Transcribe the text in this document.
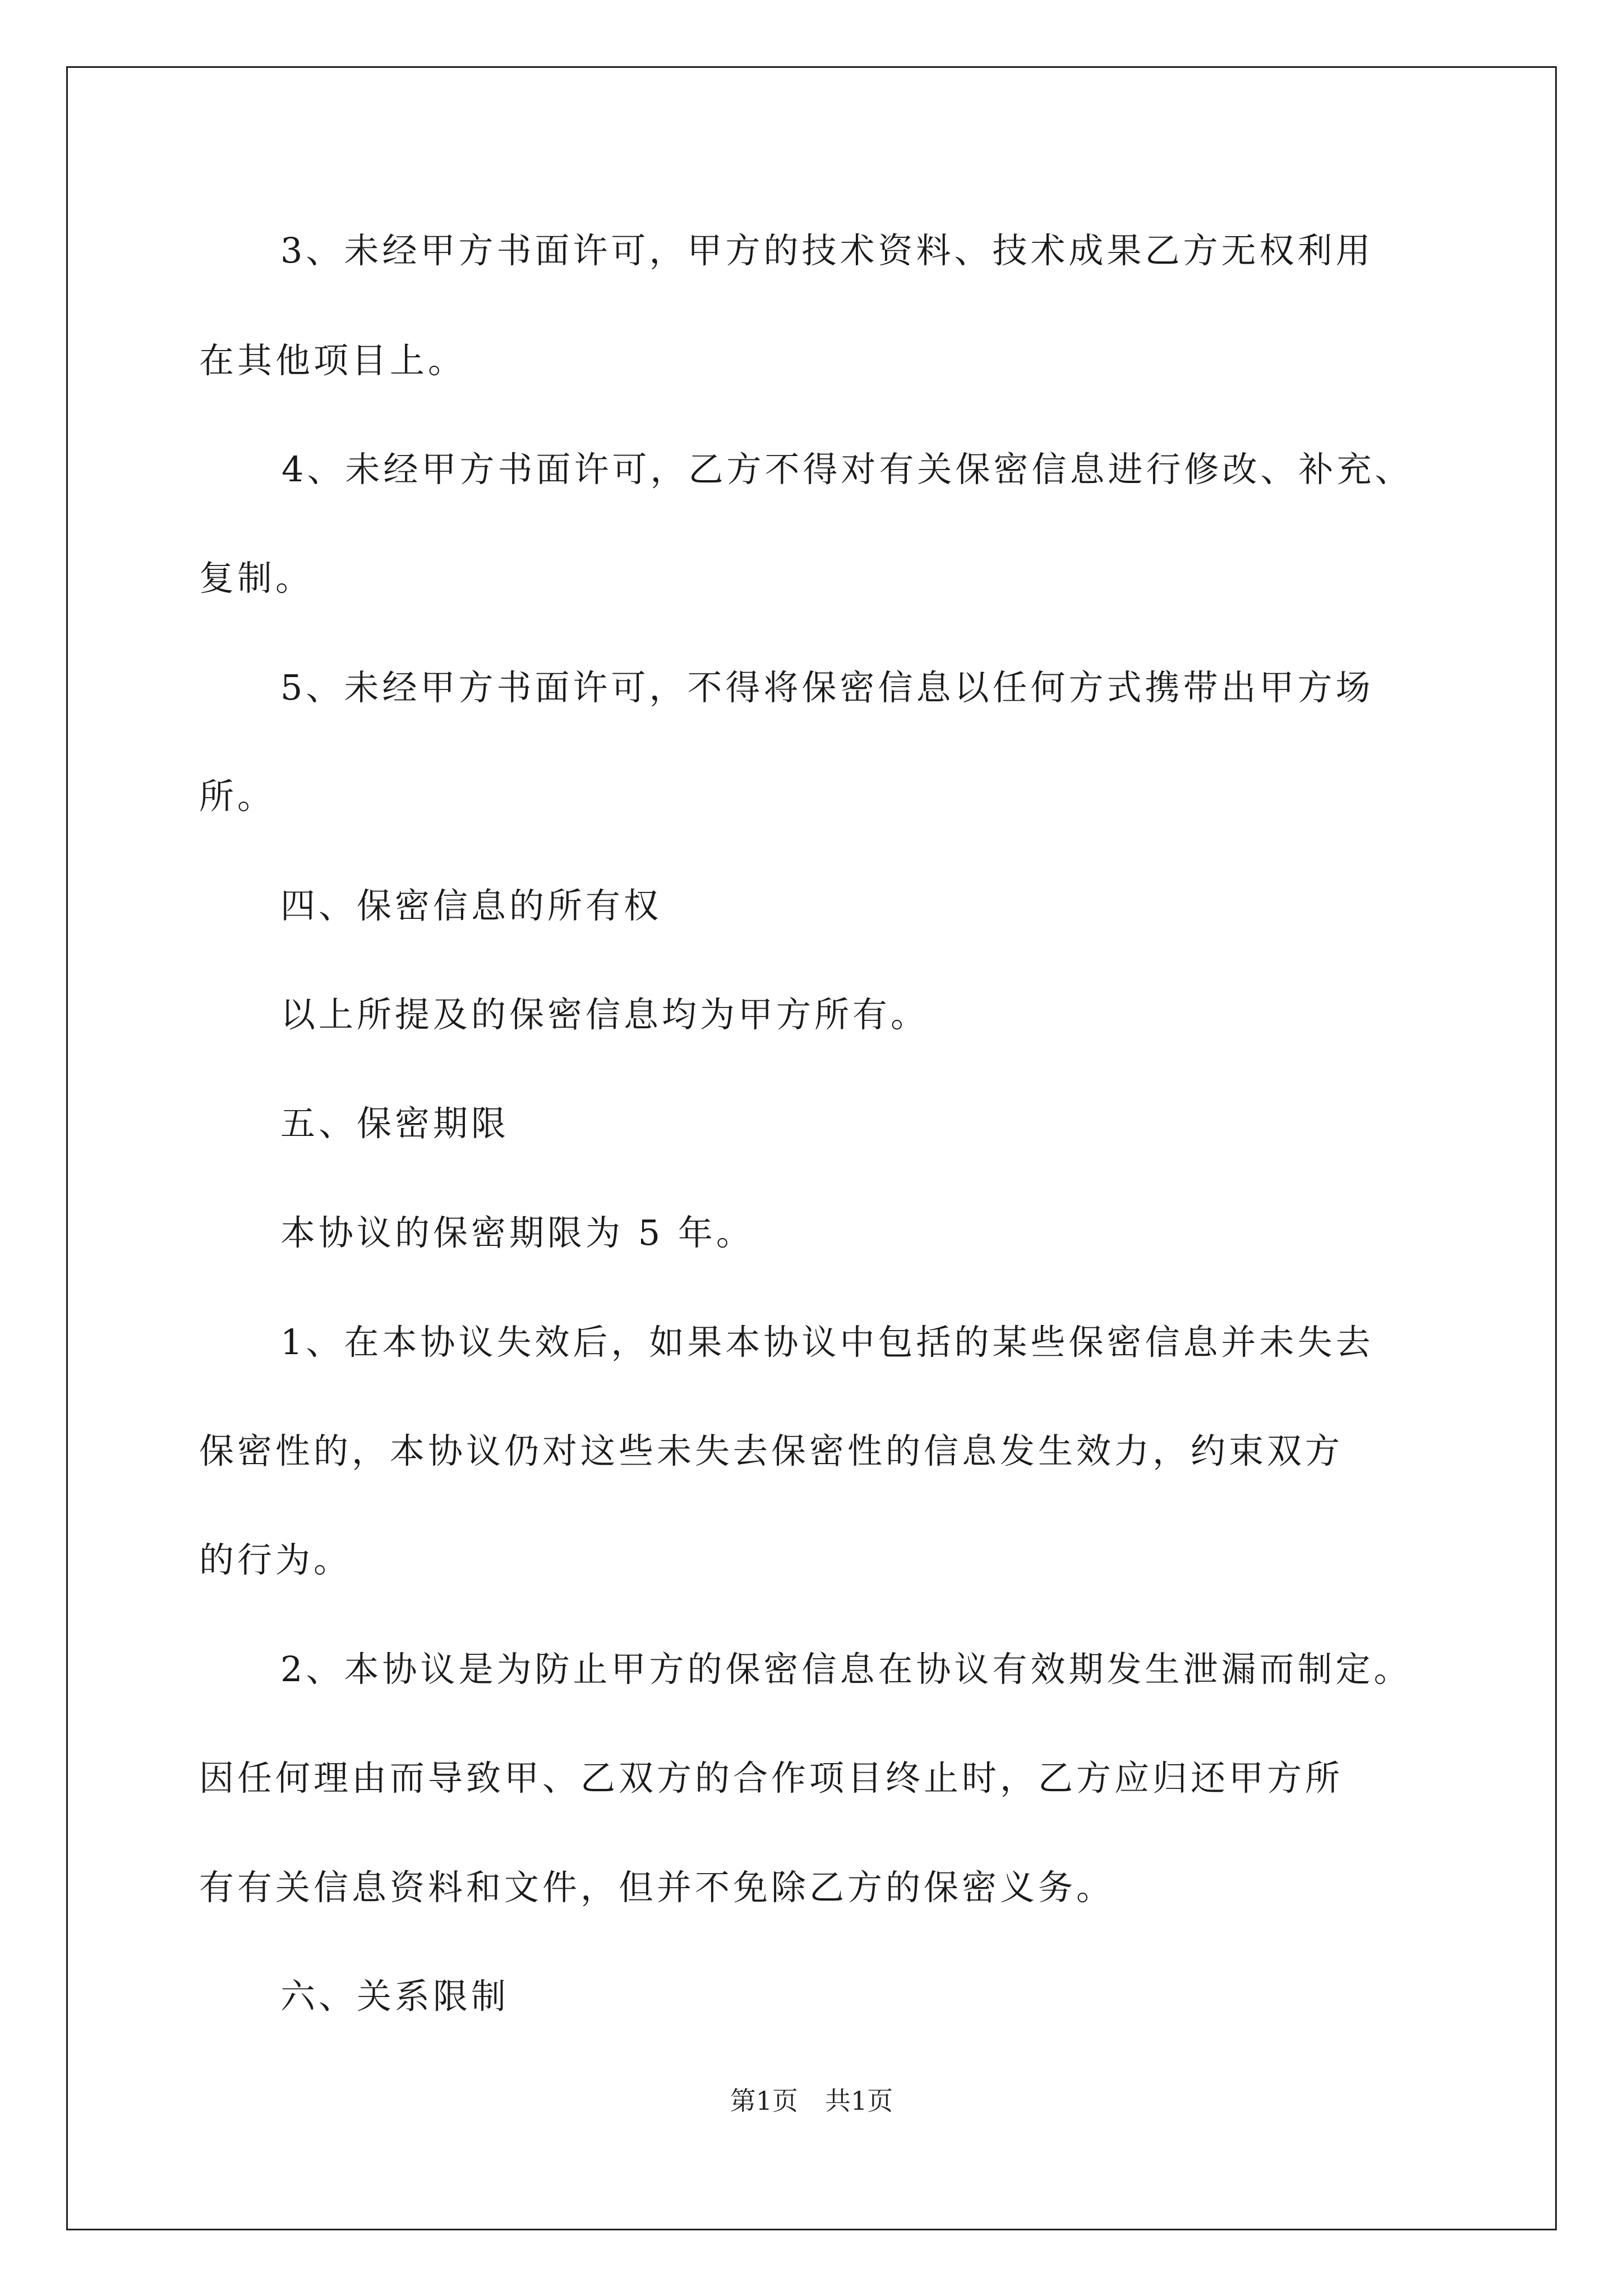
3、未经甲方书面许可，甲方的技术资料、技术成果乙方无权利用
在其他项目上。
4、未经甲方书面许可，乙方不得对有关保密信息进行修改、补充、
复制。
5、未经甲方书面许可，不得将保密信息以任何方式携带出甲方场
所。
四、保密信息的所有权
以上所提及的保密信息均为甲方所有。
五、保密期限
本协议的保密期限为 5 年。
1、在本协议失效后，如果本协议中包括的某些保密信息并未失去
保密性的，本协议仍对这些未失去保密性的信息发生效力，约束双方
的行为。
2、本协议是为防止甲方的保密信息在协议有效期发生泄漏而制定。
因任何理由而导致甲、乙双方的合作项目终止时，乙方应归还甲方所
有有关信息资料和文件，但并不免除乙方的保密义务。
六、关系限制
第1页 共1页
